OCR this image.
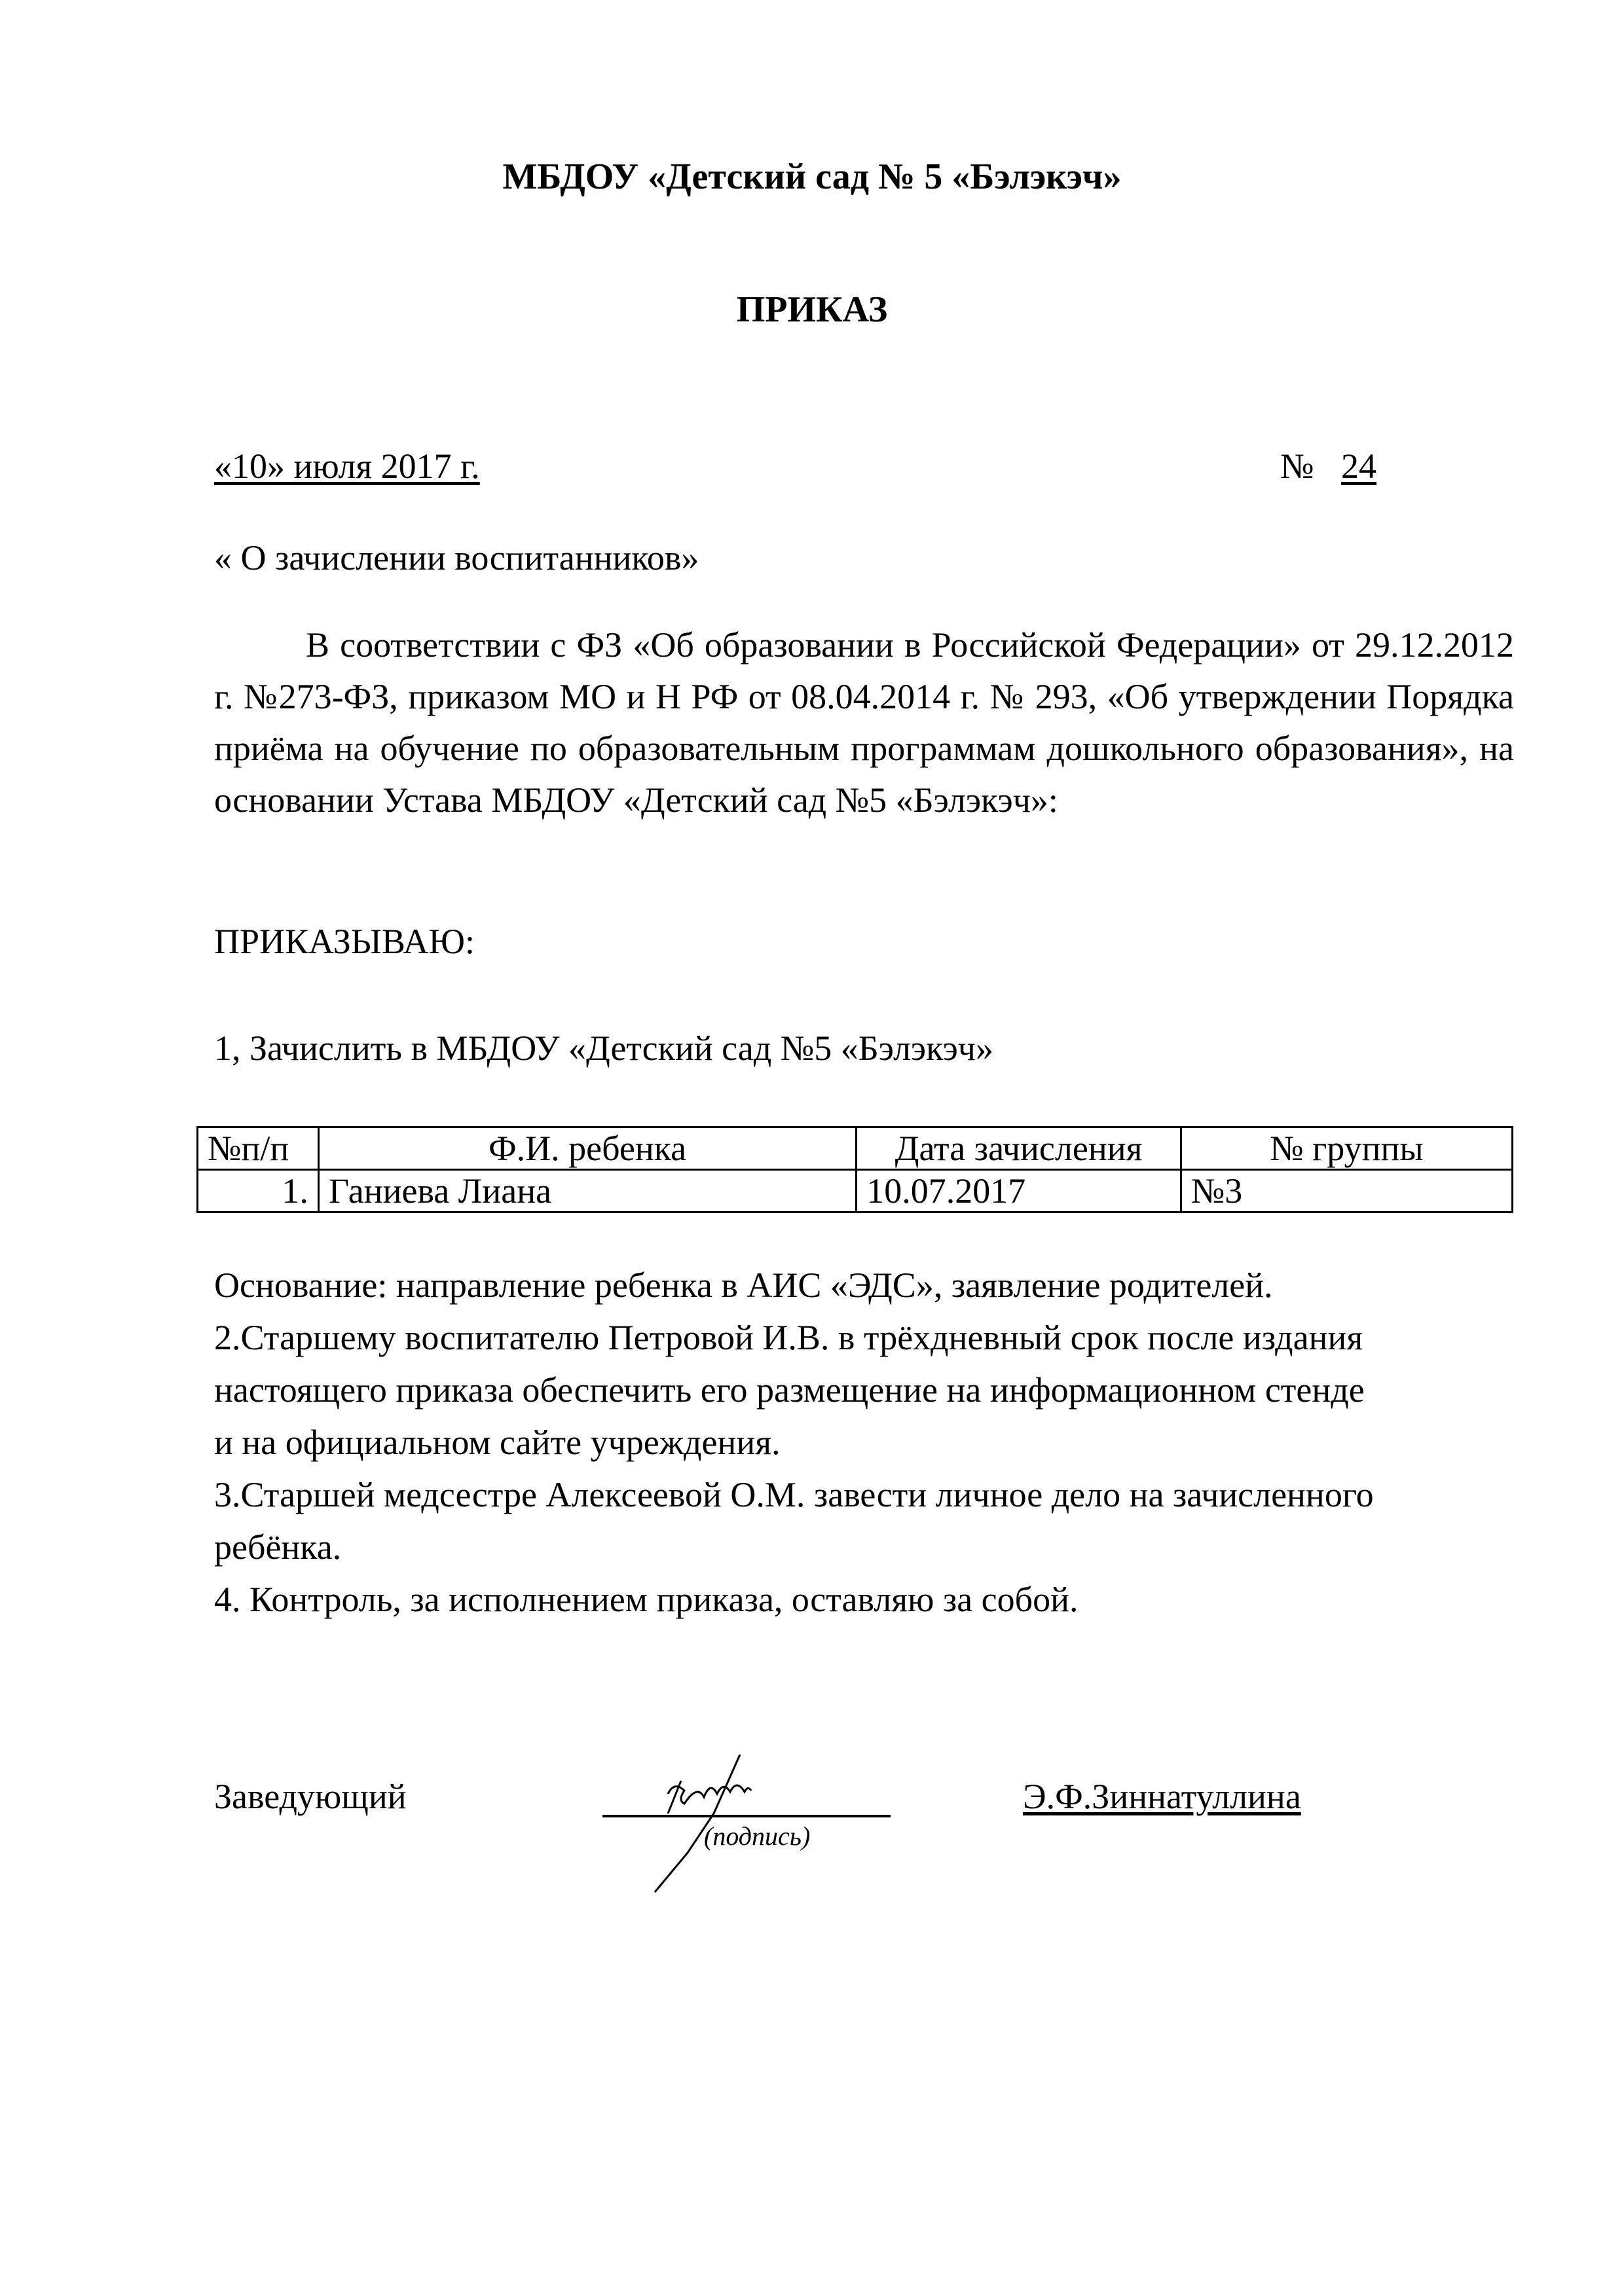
МБДОУ «Детский сад № 5 «Бэлэкэч»
ПРИКАЗ
«10» июля 2017 г.	№ 24
« О зачислении воспитанников»
В соответствии с ФЗ «Об образовании в Российской Федерации» от 29.12.2012 г. №273-ФЗ, приказом МО и Н РФ от 08.04.2014 г. № 293, «Об утверждении Порядка приёма на обучение по образовательным программам дошкольного образования», на основании Устава МБДОУ «Детский сад №5 «Бэлэкэч»:
ПРИКАЗЫВАЮ:
1, Зачислить в МБДОУ «Детский сад №5 «Бэлэкэч»
№п/п	Ф.И. ребенка	Дата зачисления	№ группы
1.	Ганиева Лиана	10.07.2017	№3
Основание: направление ребенка в АИС «ЭДС», заявление родителей.
2.Старшему воспитателю Петровой И.В. в трёхдневный срок после издания
настоящего приказа обеспечить его размещение на информационном стенде
и на официальном сайте учреждения.
3.Старшей медсестре Алексеевой О.М. завести личное дело на зачисленного
ребёнка.
4. Контроль, за исполнением приказа, оставляю за собой.
Заведующий
(подпись)
Э.Ф.Зиннатуллина
